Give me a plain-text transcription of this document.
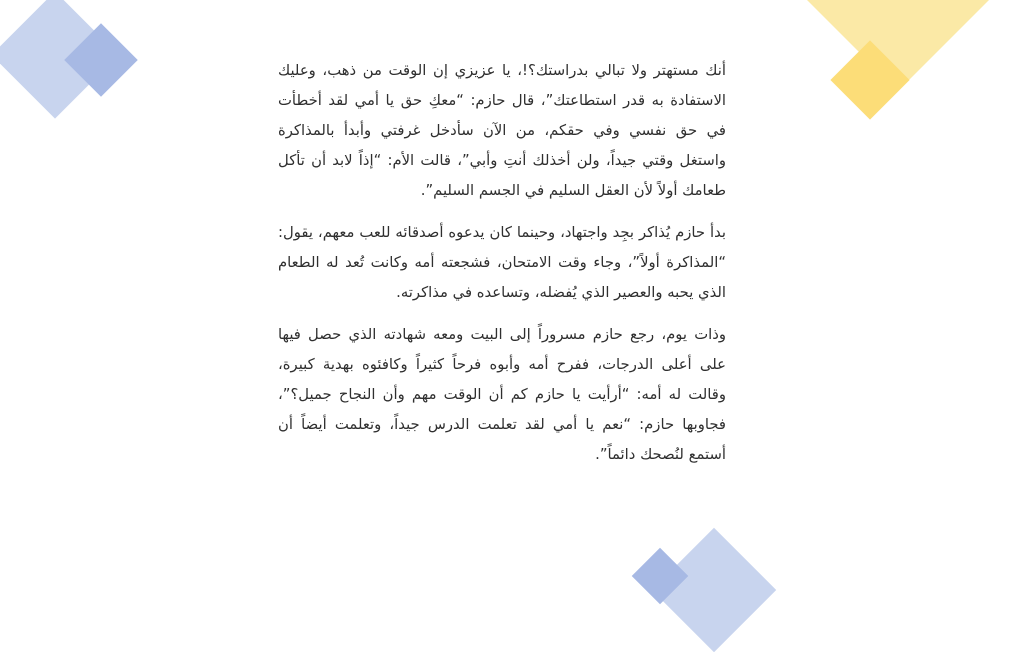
أنك مستهتر ولا تبالي بدراستك؟!، يا عزيزي إن الوقت من ذهب، وعليك الاستفادة به قدر استطاعتك”، قال حازم: “معكِ حق يا أمي لقد أخطأت في حق نفسي وفي حقكم، من الآن سأدخل غرفتي وأبدأ بالمذاكرة واستغل وقتي جيداً، ولن أخذلك أنتِ وأبي”، قالت الأم: “إذاً لابد أن تأكل طعامك أولاً لأن العقل السليم في الجسم السليم”.

بدأ حازم يُذاكر بجِد واجتهاد، وحينما كان يدعوه أصدقائه للعب معهم، يقول: “المذاكرة أولاً”، وجاء وقت الامتحان، فشجعته أمه وكانت تُعد له الطعام الذي يحبه والعصير الذي يُفضله، وتساعده في مذاكرته.

وذات يوم، رجع حازم مسروراً إلى البيت ومعه شهادته الذي حصل فيها على أعلى الدرجات، ففرح أمه وأبوه فرحاً كثيراً وكافئوه بهدية كبيرة، وقالت له أمه: “أرأيت يا حازم كم أن الوقت مهم وأن النجاح جميل؟”، فجاوبها حازم: “نعم يا أمي لقد تعلمت الدرس جيداً، وتعلمت أيضاً أن أستمع لنُصحك دائماً”.
